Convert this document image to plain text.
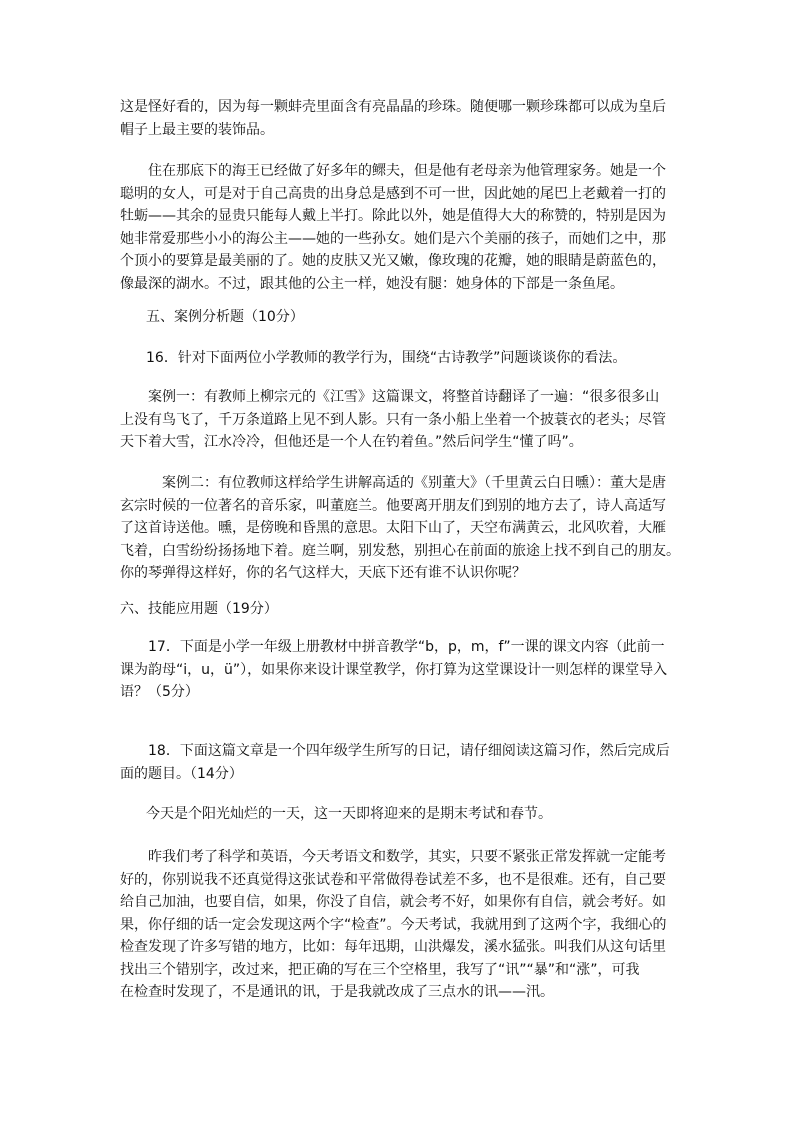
这是怪好看的，因为每一颗蚌壳里面含有亮晶晶的珍珠。随便哪一颗珍珠都可以成为皇后
帽子上最主要的装饰品。
　　住在那底下的海王已经做了好多年的鳏夫，但是他有老母亲为他管理家务。她是一个
聪明的女人，可是对于自己高贵的出身总是感到不可一世，因此她的尾巴上老戴着一打的
牡蛎——其余的显贵只能每人戴上半打。除此以外，她是值得大大的称赞的，特别是因为
她非常爱那些小小的海公主——她的一些孙女。她们是六个美丽的孩子，而她们之中，那
个顶小的要算是最美丽的了。她的皮肤又光又嫩，像玫瑰的花瓣，她的眼睛是蔚蓝色的，
像最深的湖水。不过，跟其他的公主一样，她没有腿：她身体的下部是一条鱼尾。
五、案例分析题（10分）
16．针对下面两位小学教师的教学行为，围绕“古诗教学”问题谈谈你的看法。
　　案例一：有教师上柳宗元的《江雪》这篇课文，将整首诗翻译了一遍：“很多很多山
上没有鸟飞了，千万条道路上见不到人影。只有一条小船上坐着一个披蓑衣的老头；尽管
天下着大雪，江水冷冷，但他还是一个人在钓着鱼。”然后问学生“懂了吗”。
　　　案例二：有位教师这样给学生讲解高适的《别董大》（千里黄云白日曛）：董大是唐
玄宗时候的一位著名的音乐家，叫董庭兰。他要离开朋友们到别的地方去了，诗人高适写
了这首诗送他。曛，是傍晚和昏黑的意思。太阳下山了，天空布满黄云，北风吹着，大雁
飞着，白雪纷纷扬扬地下着。庭兰啊，别发愁，别担心在前面的旅途上找不到自己的朋友。
你的琴弹得这样好，你的名气这样大，天底下还有谁不认识你呢？
六、技能应用题（19分）
　　17．下面是小学一年级上册教材中拼音教学“b，p，m，f”一课的课文内容（此前一
课为韵母“i，u，ü”），如果你来设计课堂教学，你打算为这堂课设计一则怎样的课堂导入
语？（5分）
　　18．下面这篇文章是一个四年级学生所写的日记，请仔细阅读这篇习作，然后完成后
面的题目。（14分）
今天是个阳光灿烂的一天，这一天即将迎来的是期末考试和春节。
　　昨我们考了科学和英语，今天考语文和数学，其实，只要不紧张正常发挥就一定能考
好的，你别说我不还真觉得这张试卷和平常做得卷试差不多，也不是很难。还有，自己要
给自己加油，也要自信，如果，你没了自信，就会考不好，如果你有自信，就会考好。如
果，你仔细的话一定会发现这两个字“检查”。今天考试，我就用到了这两个字，我细心的
检查发现了许多写错的地方，比如：每年迅期，山洪爆发，溪水猛张。叫我们从这句话里
找出三个错别字，改过来，把正确的写在三个空格里，我写了“讯”“暴”和“涨”，可我
在检查时发现了，不是通讯的讯，于是我就改成了三点水的讯——汛。
